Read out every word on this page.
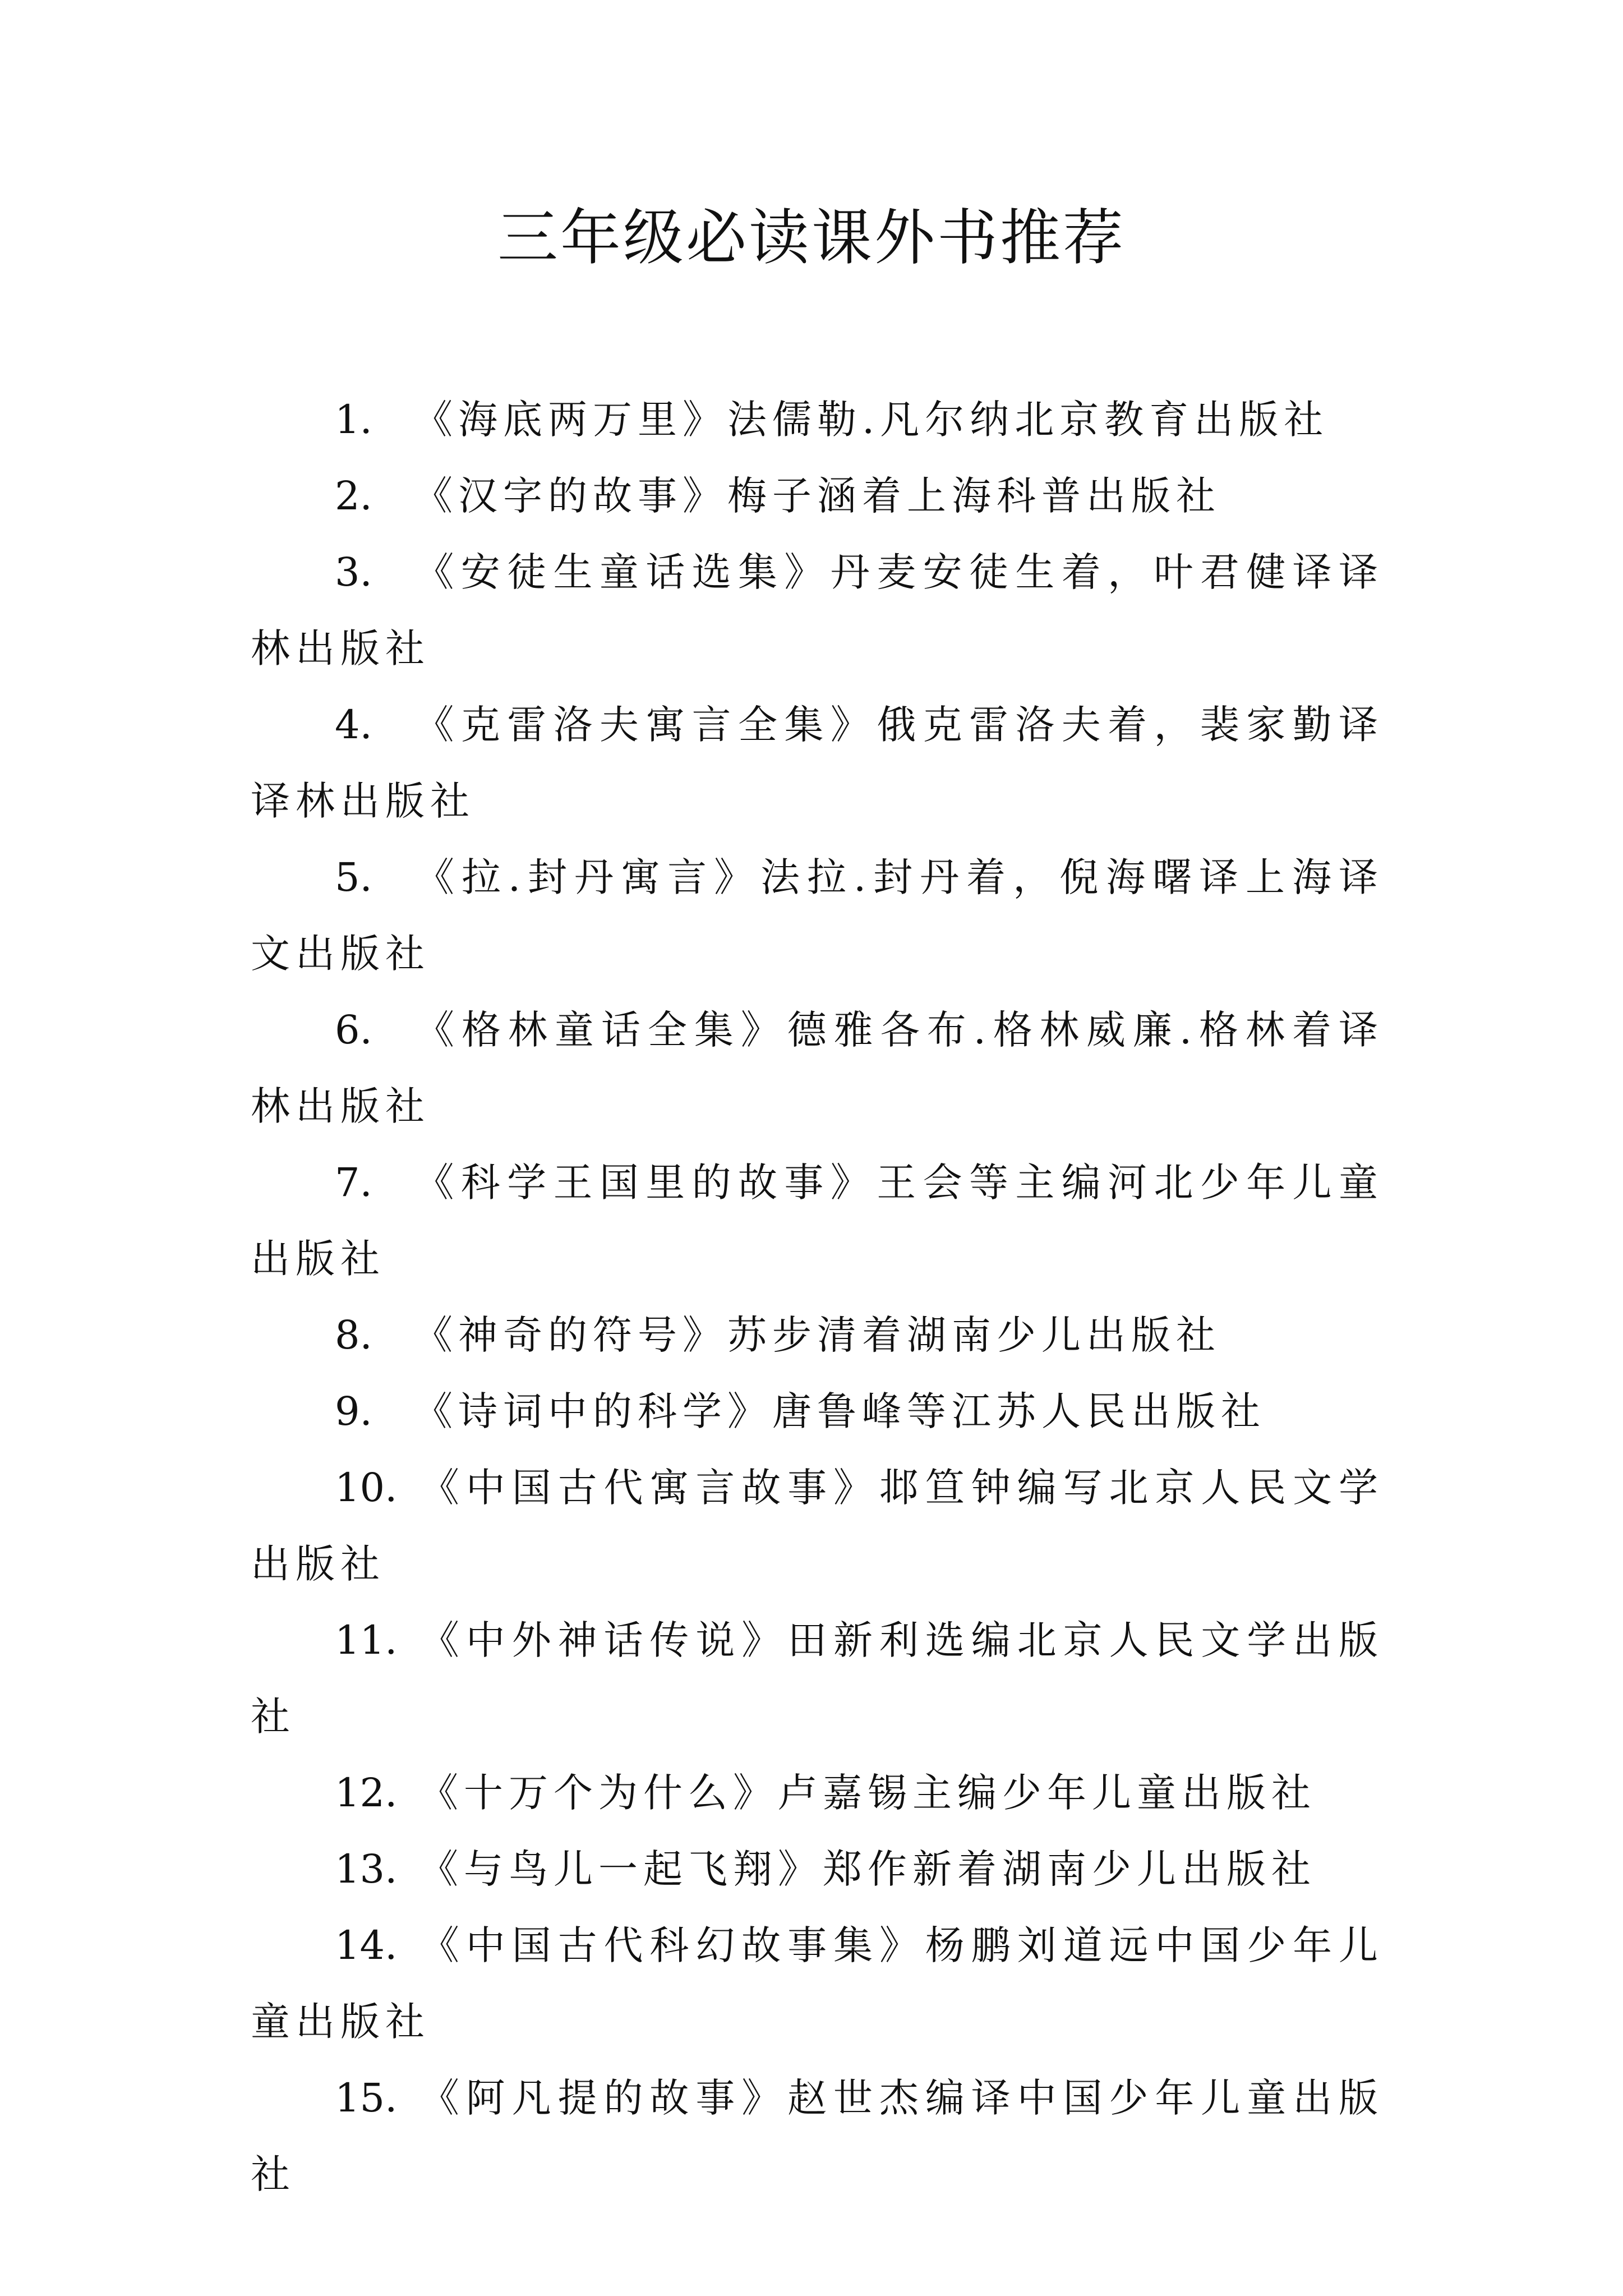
三年级必读课外书推荐
1. 《海底两万里》法儒勒.凡尔纳北京教育出版社
2. 《汉字的故事》梅子涵着上海科普出版社
3. 《安徒生童话选集》丹麦安徒生着，叶君健译译林出版社
4. 《克雷洛夫寓言全集》俄克雷洛夫着，裴家勤译译林出版社
5. 《拉.封丹寓言》法拉.封丹着，倪海曙译上海译文出版社
6. 《格林童话全集》德雅各布.格林威廉.格林着译林出版社
7. 《科学王国里的故事》王会等主编河北少年儿童出版社
8. 《神奇的符号》苏步清着湖南少儿出版社
9. 《诗词中的科学》唐鲁峰等江苏人民出版社
10. 《中国古代寓言故事》邶笪钟编写北京人民文学出版社
11. 《中外神话传说》田新利选编北京人民文学出版社
12. 《十万个为什么》卢嘉锡主编少年儿童出版社
13. 《与鸟儿一起飞翔》郑作新着湖南少儿出版社
14. 《中国古代科幻故事集》杨鹏刘道远中国少年儿童出版社
15. 《阿凡提的故事》赵世杰编译中国少年儿童出版社
